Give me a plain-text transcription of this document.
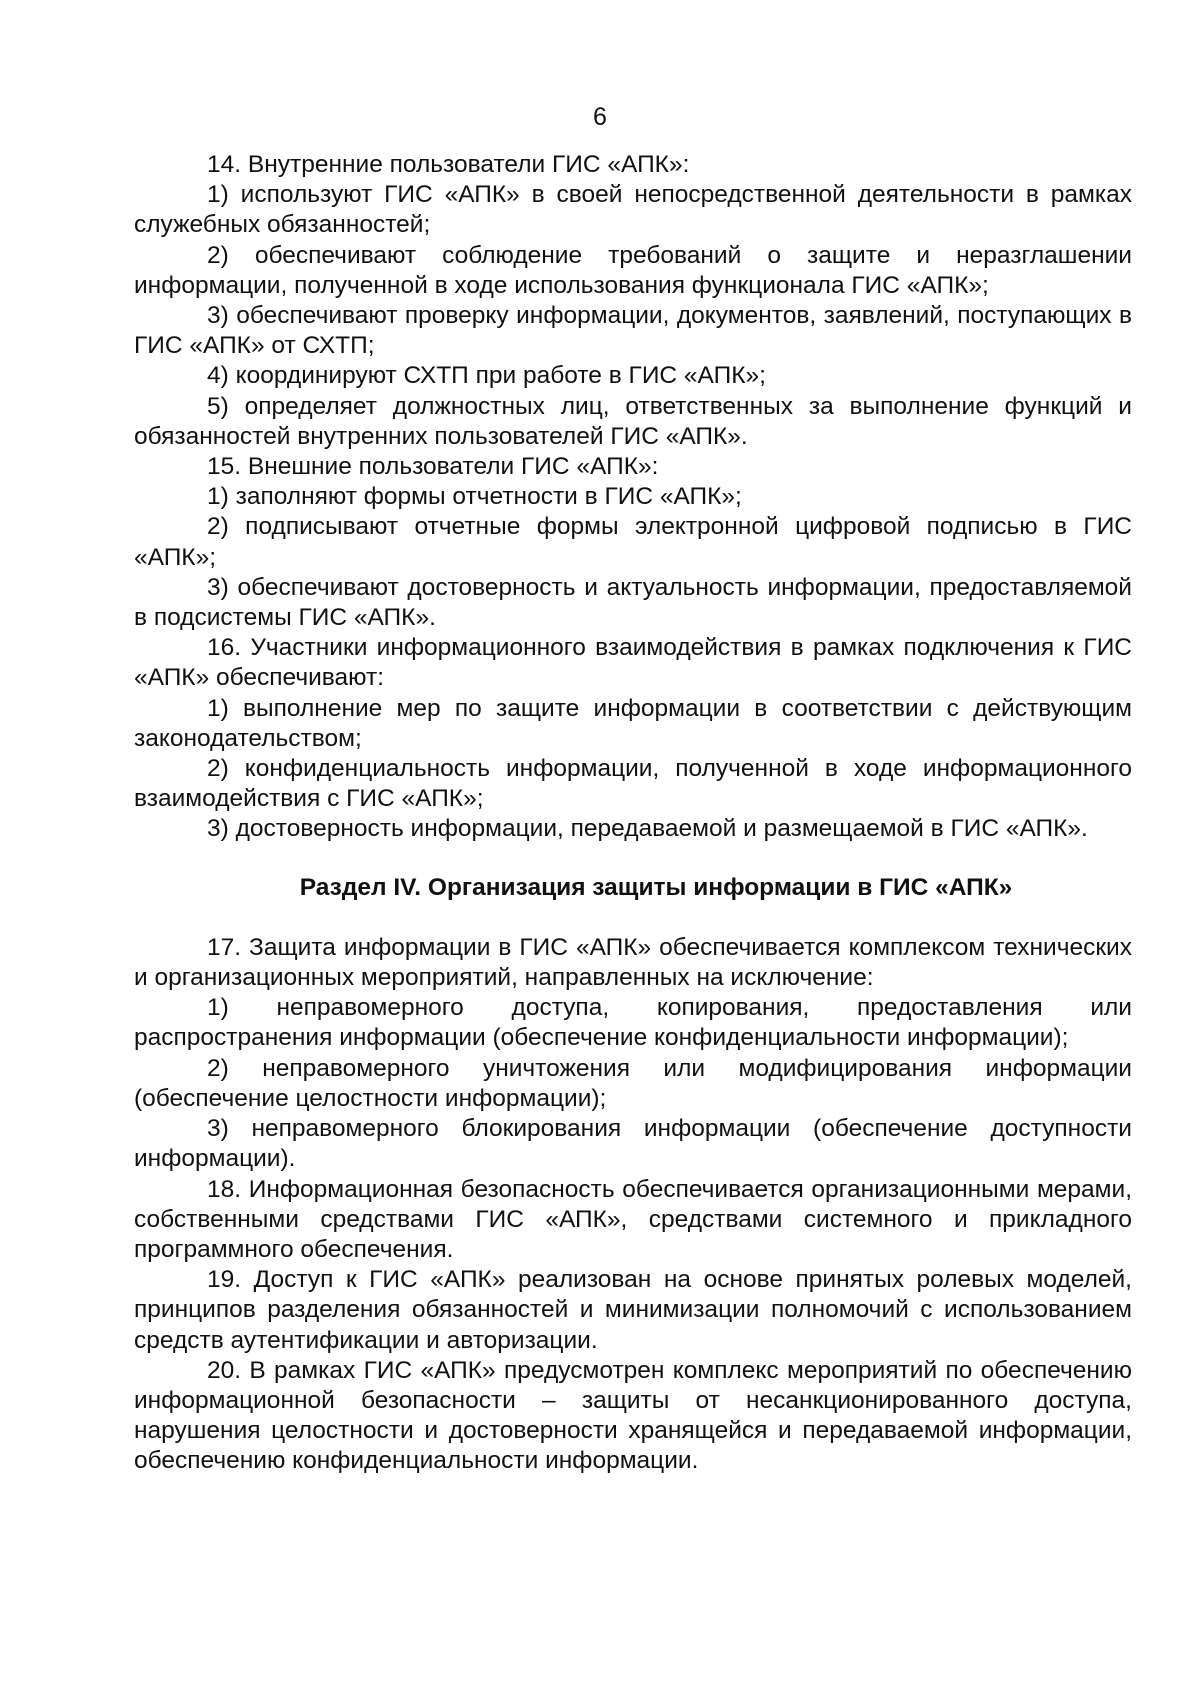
6

14. Внутренние пользователи ГИС «АПК»:

1) используют ГИС «АПК» в своей непосредственной деятельности в рамках служебных обязанностей;

2) обеспечивают соблюдение требований о защите и неразглашении информации, полученной в ходе использования функционала ГИС «АПК»;

3) обеспечивают проверку информации, документов, заявлений, поступающих в ГИС «АПК» от СХТП;

4) координируют СХТП при работе в ГИС «АПК»;

5) определяет должностных лиц, ответственных за выполнение функций и обязанностей внутренних пользователей ГИС «АПК».

15. Внешние пользователи ГИС «АПК»:

1) заполняют формы отчетности в ГИС «АПК»;

2) подписывают отчетные формы электронной цифровой подписью в ГИС «АПК»;

3) обеспечивают достоверность и актуальность информации, предоставляемой в подсистемы ГИС «АПК».

16. Участники информационного взаимодействия в рамках подключения к ГИС «АПК» обеспечивают:

1) выполнение мер по защите информации в соответствии с действующим законодательством;

2) конфиденциальность информации, полученной в ходе информационного взаимодействия с ГИС «АПК»;

3) достоверность информации, передаваемой и размещаемой в ГИС «АПК».

Раздел IV. Организация защиты информации в ГИС «АПК»

17. Защита информации в ГИС «АПК» обеспечивается комплексом технических и организационных мероприятий, направленных на исключение:

1) неправомерного доступа, копирования, предоставления или распространения информации (обеспечение конфиденциальности информации);

2) неправомерного уничтожения или модифицирования информации (обеспечение целостности информации);

3) неправомерного блокирования информации (обеспечение доступности информации).

18. Информационная безопасность обеспечивается организационными мерами, собственными средствами ГИС «АПК», средствами системного и прикладного программного обеспечения.

19. Доступ к ГИС «АПК» реализован на основе принятых ролевых моделей, принципов разделения обязанностей и минимизации полномочий с использованием средств аутентификации и авторизации.

20. В рамках ГИС «АПК» предусмотрен комплекс мероприятий по обеспечению информационной безопасности – защиты от несанкционированного доступа, нарушения целостности и достоверности хранящейся и передаваемой информации, обеспечению конфиденциальности информации.
